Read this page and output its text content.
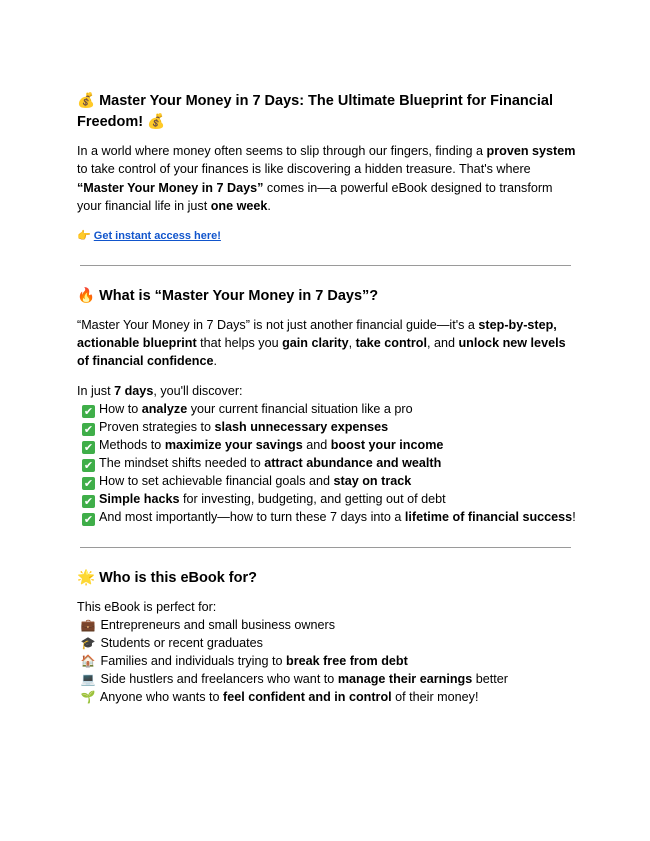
💰 Master Your Money in 7 Days: The Ultimate Blueprint for Financial Freedom! 💰

In a world where money often seems to slip through our fingers, finding a proven system to take control of your finances is like discovering a hidden treasure. That's where “Master Your Money in 7 Days” comes in—a powerful eBook designed to transform your financial life in just one week.

👉 Get instant access here!
🔥 What is “Master Your Money in 7 Days”?

“Master Your Money in 7 Days” is not just another financial guide—it's a step-by-step, actionable blueprint that helps you gain clarity, take control, and unlock new levels of financial confidence.

In just 7 days, you'll discover:
✔ How to analyze your current financial situation like a pro
✔ Proven strategies to slash unnecessary expenses
✔ Methods to maximize your savings and boost your income
✔ The mindset shifts needed to attract abundance and wealth
✔ How to set achievable financial goals and stay on track
✔ Simple hacks for investing, budgeting, and getting out of debt
✔ And most importantly—how to turn these 7 days into a lifetime of financial success!
🌟 Who is this eBook for?
This eBook is perfect for:
💼 Entrepreneurs and small business owners
🎓 Students or recent graduates
🏠 Families and individuals trying to break free from debt
💻 Side hustlers and freelancers who want to manage their earnings better
🌱 Anyone who wants to feel confident and in control of their money!
